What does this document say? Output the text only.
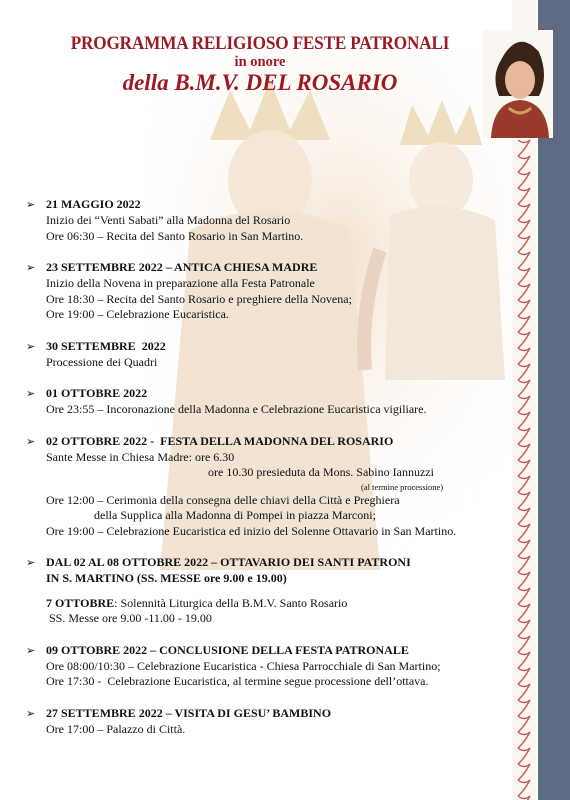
PROGRAMMA RELIGIOSO FESTE PATRONALI
in onore
della B.M.V. DEL ROSARIO
➢ 21 MAGGIO 2022
Inizio dei “Venti Sabati” alla Madonna del Rosario
Ore 06:30 – Recita del Santo Rosario in San Martino.
➢ 23 SETTEMBRE 2022 – ANTICA CHIESA MADRE
Inizio della Novena in preparazione alla Festa Patronale
Ore 18:30 – Recita del Santo Rosario e preghiere della Novena;
Ore 19:00 – Celebrazione Eucaristica.
➢ 30 SETTEMBRE  2022
Processione dei Quadri
➢ 01 OTTOBRE 2022
Ore 23:55 – Incoronazione della Madonna e Celebrazione Eucaristica vigiliare.
➢ 02 OTTOBRE 2022 -  FESTA DELLA MADONNA DEL ROSARIO
Sante Messe in Chiesa Madre: ore 6.30
ore 10.30 presieduta da Mons. Sabino Iannuzzi
(al termine processione)
Ore 12:00 – Cerimonia della consegna delle chiavi della Città e Preghiera
della Supplica alla Madonna di Pompei in piazza Marconi;
Ore 19:00 – Celebrazione Eucaristica ed inizio del Solenne Ottavario in San Martino.
➢ DAL 02 AL 08 OTTOBRE 2022 – OTTAVARIO DEI SANTI PATRONI
IN S. MARTINO (SS. MESSE ore 9.00 e 19.00)
7 OTTOBRE: Solennità Liturgica della B.M.V. Santo Rosario
SS. Messe ore 9.00 -11.00 - 19.00
➢ 09 OTTOBRE 2022 – CONCLUSIONE DELLA FESTA PATRONALE
Ore 08:00/10:30 – Celebrazione Eucaristica - Chiesa Parrocchiale di San Martino;
Ore 17:30 -  Celebrazione Eucaristica, al termine segue processione dell’ottava.
➢ 27 SETTEMBRE 2022 – VISITA DI GESU’ BAMBINO
Ore 17:00 – Palazzo di Città.
